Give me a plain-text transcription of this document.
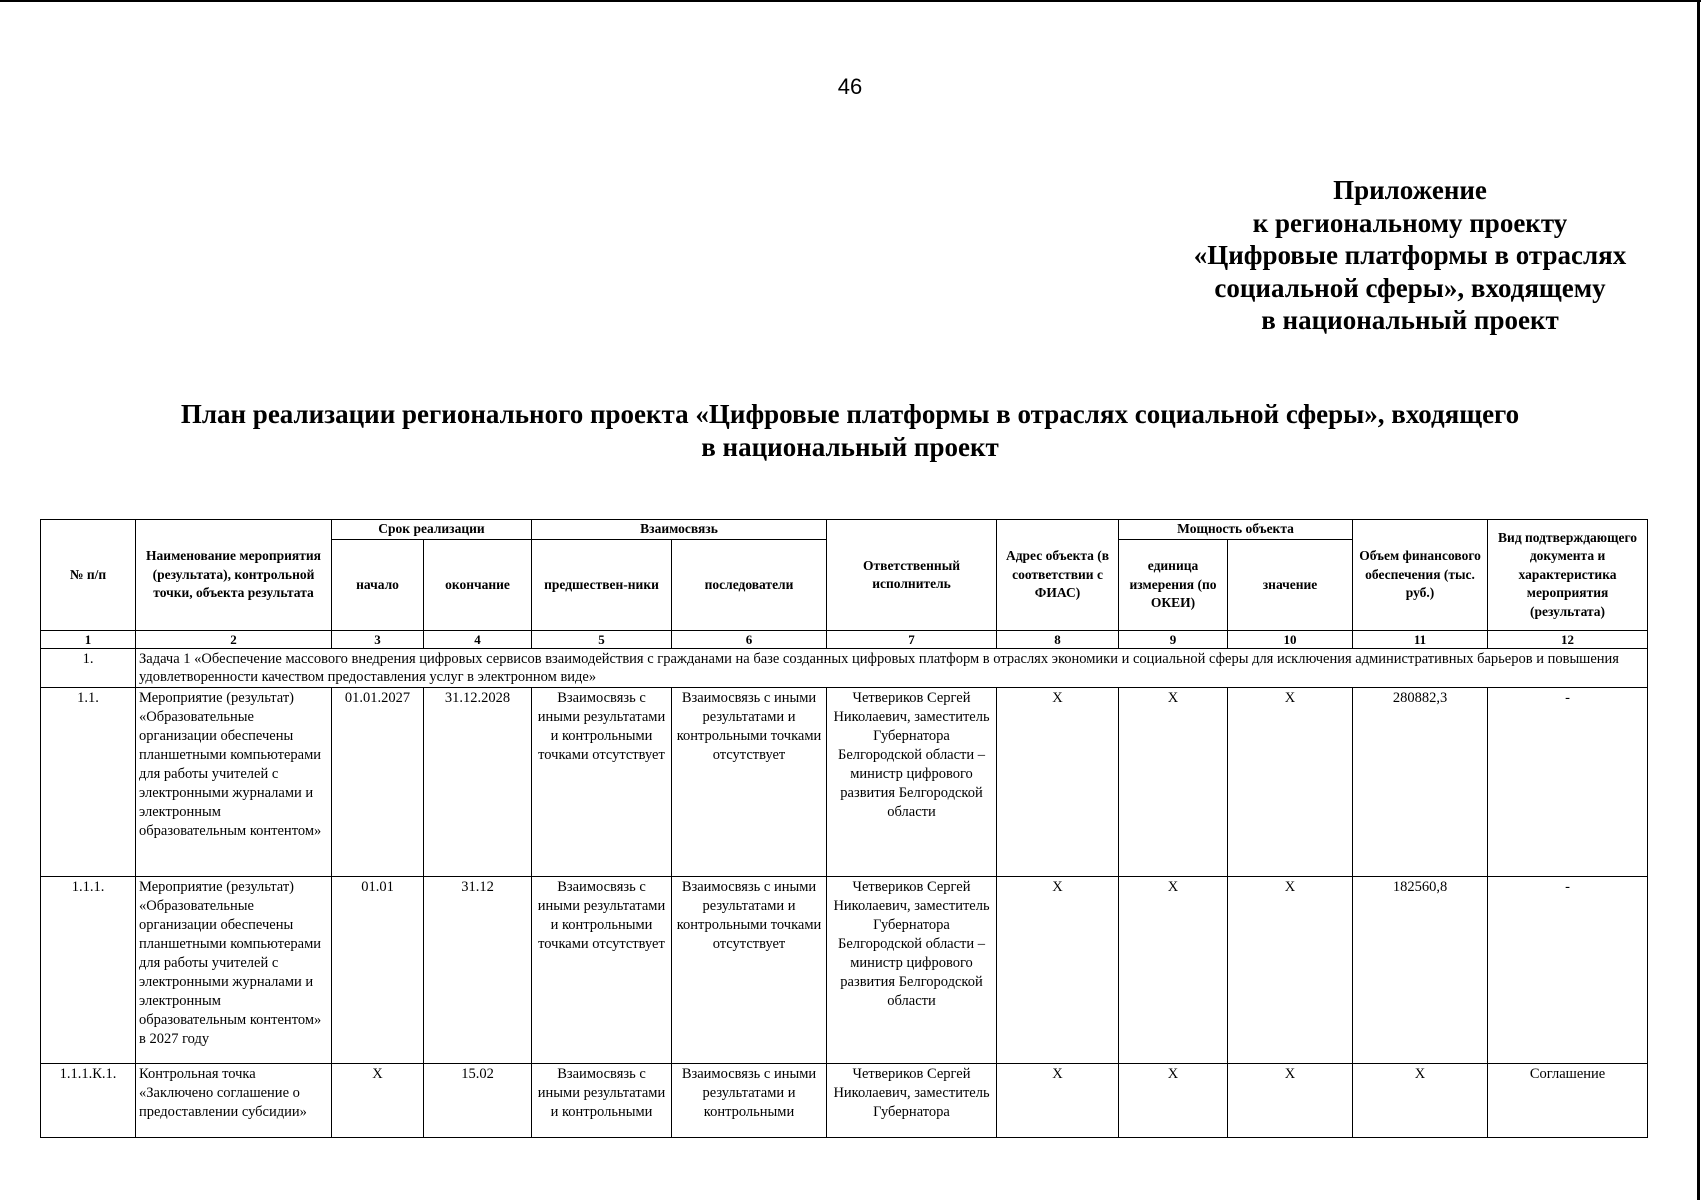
46
Приложение
к региональному проекту
«Цифровые платформы в отраслях
социальной сферы», входящему
в национальный проект
План реализации регионального проекта «Цифровые платформы в отраслях социальной сферы», входящего
в национальный проект
№ п/п	Наименование мероприятия (результата), контрольной точки, объекта результата	Срок реализации		Взаимосвязь		Ответственный исполнитель	Адрес объекта (в соответствии с ФИАС)	Мощность объекта		Объем финансового обеспечения (тыс. руб.)	Вид подтверждающего документа и характеристика мероприятия (результата)
		начало	окончание	предшествен-ники	последователи			единица измерения (по ОКЕИ)	значение		
1	2	3	4	5	6	7	8	9	10	11	12
1.	Задача 1 «Обеспечение массового внедрения цифровых сервисов взаимодействия с гражданами на базе созданных цифровых платформ в отраслях экономики и социальной сферы для исключения административных барьеров и повышения удовлетворенности качеством предоставления услуг в электронном виде»										
1.1.	Мероприятие (результат) «Образовательные организации обеспечены планшетными компьютерами для работы учителей с электронными журналами и электронным образовательным контентом»	01.01.2027	31.12.2028	Взаимосвязь с иными результатами и контрольными точками отсутствует	Взаимосвязь с иными результатами и контрольными точками отсутствует	Четвериков Сергей Николаевич, заместитель Губернатора Белгородской области – министр цифрового развития Белгородской области	Х	Х	Х	280882,3	-
1.1.1.	Мероприятие (результат) «Образовательные организации обеспечены планшетными компьютерами для работы учителей с электронными журналами и электронным образовательным контентом» в 2027 году	01.01	31.12	Взаимосвязь с иными результатами и контрольными точками отсутствует	Взаимосвязь с иными результатами и контрольными точками отсутствует	Четвериков Сергей Николаевич, заместитель Губернатора Белгородской области – министр цифрового развития Белгородской области	Х	Х	Х	182560,8	-
1.1.1.К.1.	Контрольная точка «Заключено соглашение о предоставлении субсидии»	Х	15.02	Взаимосвязь с иными результатами и контрольными	Взаимосвязь с иными результатами и контрольными	Четвериков Сергей Николаевич, заместитель Губернатора	Х	Х	Х	Х	Соглашение
